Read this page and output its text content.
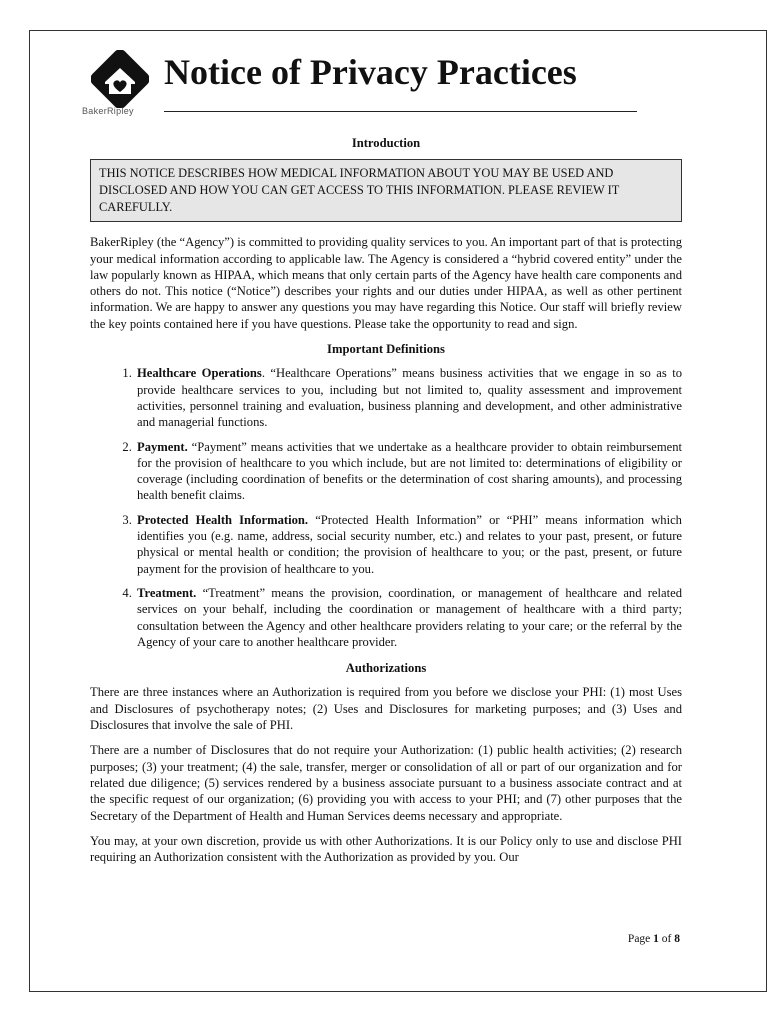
BakerRipley
Notice of Privacy Practices
Introduction
THIS NOTICE DESCRIBES HOW MEDICAL INFORMATION ABOUT YOU MAY BE USED AND DISCLOSED AND HOW YOU CAN GET ACCESS TO THIS INFORMATION. PLEASE REVIEW IT CAREFULLY.

BakerRipley (the “Agency”) is committed to providing quality services to you. An important part of that is protecting your medical information according to applicable law. The Agency is considered a “hybrid covered entity” under the law popularly known as HIPAA, which means that only certain parts of the Agency have health care components and others do not. This notice (“Notice”) describes your rights and our duties under HIPAA, as well as other pertinent information. We are happy to answer any questions you may have regarding this Notice. Our staff will briefly review the key points contained here if you have questions. Please take the opportunity to read and sign.

Important Definitions
1. Healthcare Operations. “Healthcare Operations” means business activities that we engage in so as to provide healthcare services to you, including but not limited to, quality assessment and improvement activities, personnel training and evaluation, business planning and development, and other administrative and managerial functions.
2. Payment. “Payment” means activities that we undertake as a healthcare provider to obtain reimbursement for the provision of healthcare to you which include, but are not limited to: determinations of eligibility or coverage (including coordination of benefits or the determination of cost sharing amounts), and processing health benefit claims.
3. Protected Health Information. “Protected Health Information” or “PHI” means information which identifies you (e.g. name, address, social security number, etc.) and relates to your past, present, or future physical or mental health or condition; the provision of healthcare to you; or the past, present, or future payment for the provision of healthcare to you.
4. Treatment. “Treatment” means the provision, coordination, or management of healthcare and related services on your behalf, including the coordination or management of healthcare with a third party; consultation between the Agency and other healthcare providers relating to your care; or the referral by the Agency of your care to another healthcare provider.
Authorizations

There are three instances where an Authorization is required from you before we disclose your PHI: (1) most Uses and Disclosures of psychotherapy notes; (2) Uses and Disclosures for marketing purposes; and (3) Uses and Disclosures that involve the sale of PHI.

There are a number of Disclosures that do not require your Authorization: (1) public health activities; (2) research purposes; (3) your treatment; (4) the sale, transfer, merger or consolidation of all or part of our organization and for related due diligence; (5) services rendered by a business associate pursuant to a business associate contract and at the specific request of our organization; (6) providing you with access to your PHI; and (7) other purposes that the Secretary of the Department of Health and Human Services deems necessary and appropriate.

You may, at your own discretion, provide us with other Authorizations. It is our Policy only to use and disclose PHI requiring an Authorization consistent with the Authorization as provided by you. Our

Page 1 of 8
